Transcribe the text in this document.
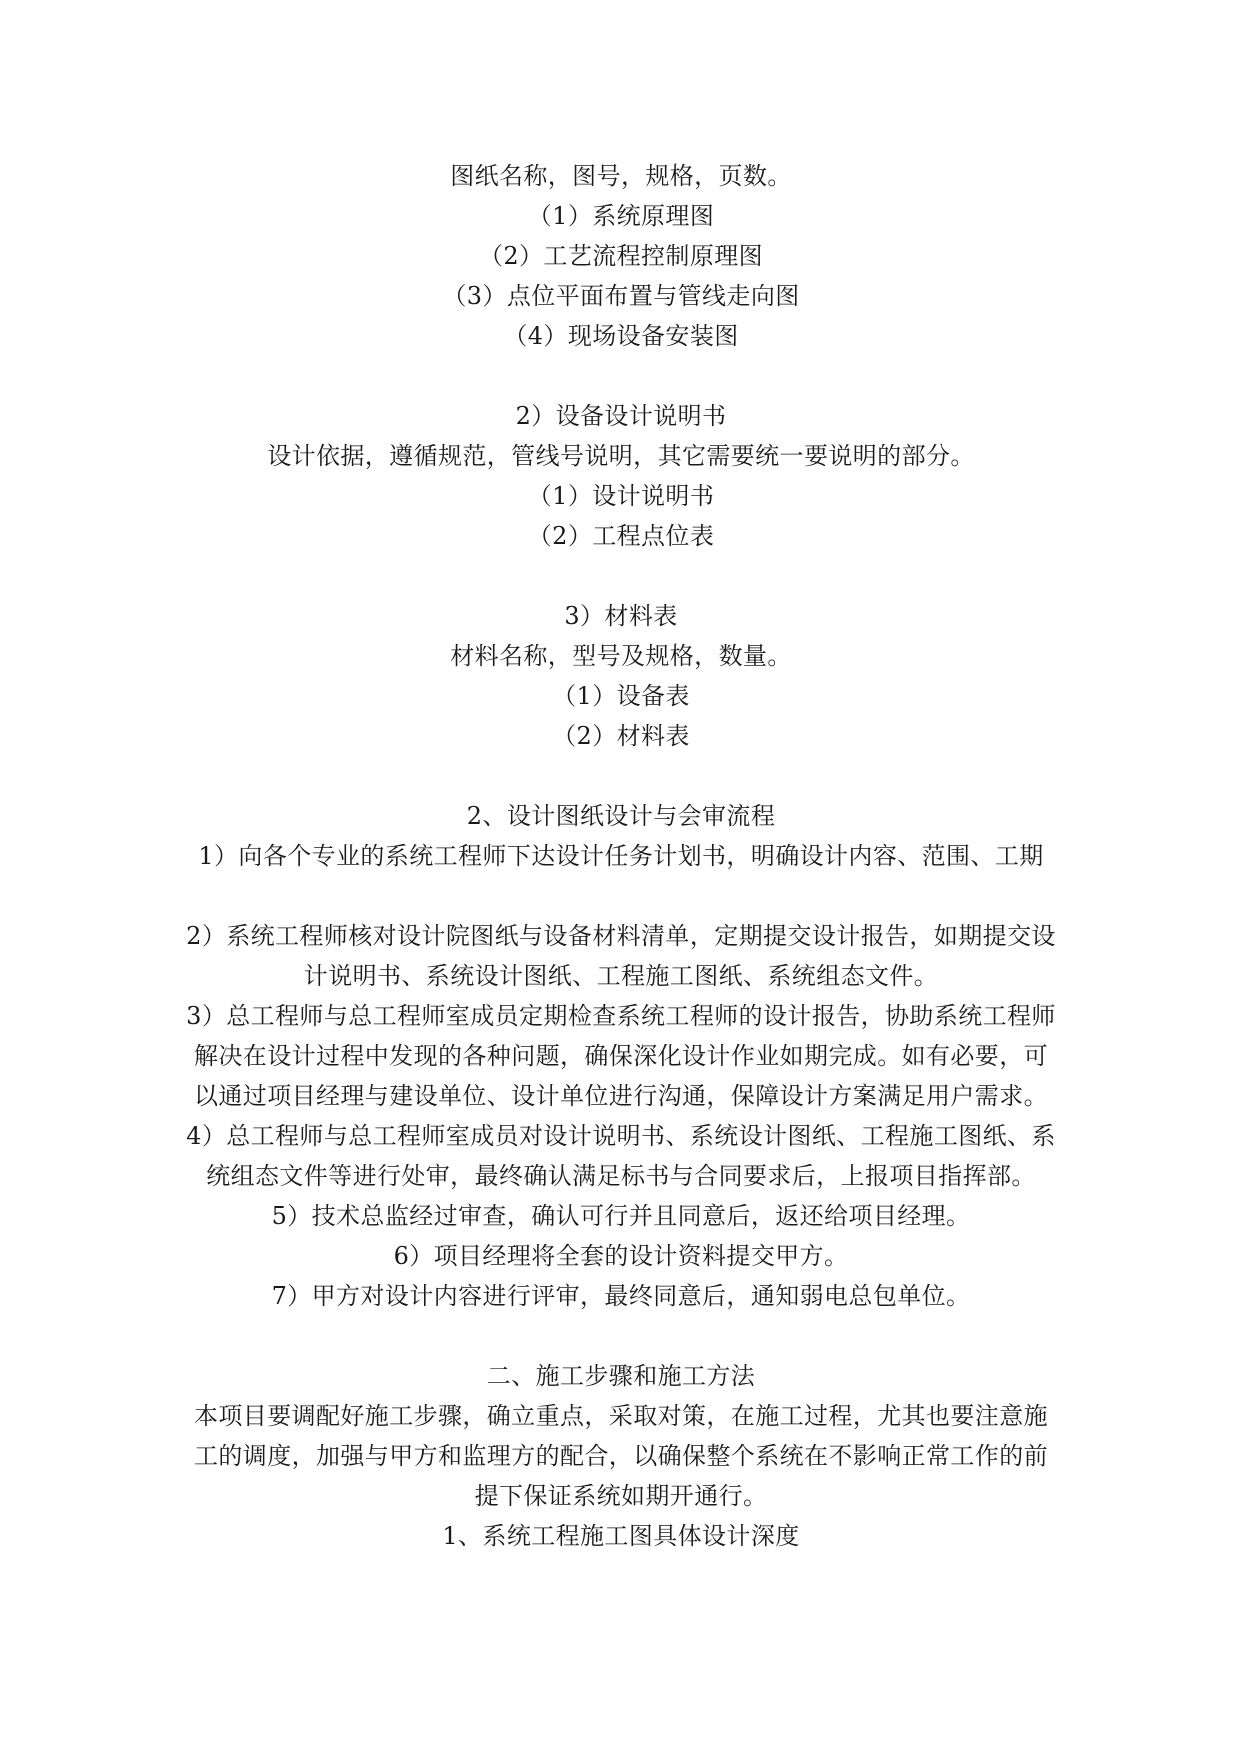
图纸名称，图号，规格，页数。
（1）系统原理图
（2）工艺流程控制原理图
（3）点位平面布置与管线走向图
（4）现场设备安装图
2）设备设计说明书
设计依据，遵循规范，管线号说明，其它需要统一要说明的部分。
（1）设计说明书
（2）工程点位表
3）材料表
材料名称，型号及规格，数量。
（1）设备表
（2）材料表
2、设计图纸设计与会审流程
1）向各个专业的系统工程师下达设计任务计划书，明确设计内容、范围、工期
2）系统工程师核对设计院图纸与设备材料清单，定期提交设计报告，如期提交设计说明书、系统设计图纸、工程施工图纸、系统组态文件。
3）总工程师与总工程师室成员定期检查系统工程师的设计报告，协助系统工程师解决在设计过程中发现的各种问题，确保深化设计作业如期完成。如有必要，可以通过项目经理与建设单位、设计单位进行沟通，保障设计方案满足用户需求。
4）总工程师与总工程师室成员对设计说明书、系统设计图纸、工程施工图纸、系统组态文件等进行处审，最终确认满足标书与合同要求后，上报项目指挥部。
5）技术总监经过审查，确认可行并且同意后，返还给项目经理。
6）项目经理将全套的设计资料提交甲方。
7）甲方对设计内容进行评审，最终同意后，通知弱电总包单位。
二、施工步骤和施工方法
本项目要调配好施工步骤，确立重点，采取对策，在施工过程，尤其也要注意施工的调度，加强与甲方和监理方的配合，以确保整个系统在不影响正常工作的前提下保证系统如期开通行。
1、系统工程施工图具体设计深度
